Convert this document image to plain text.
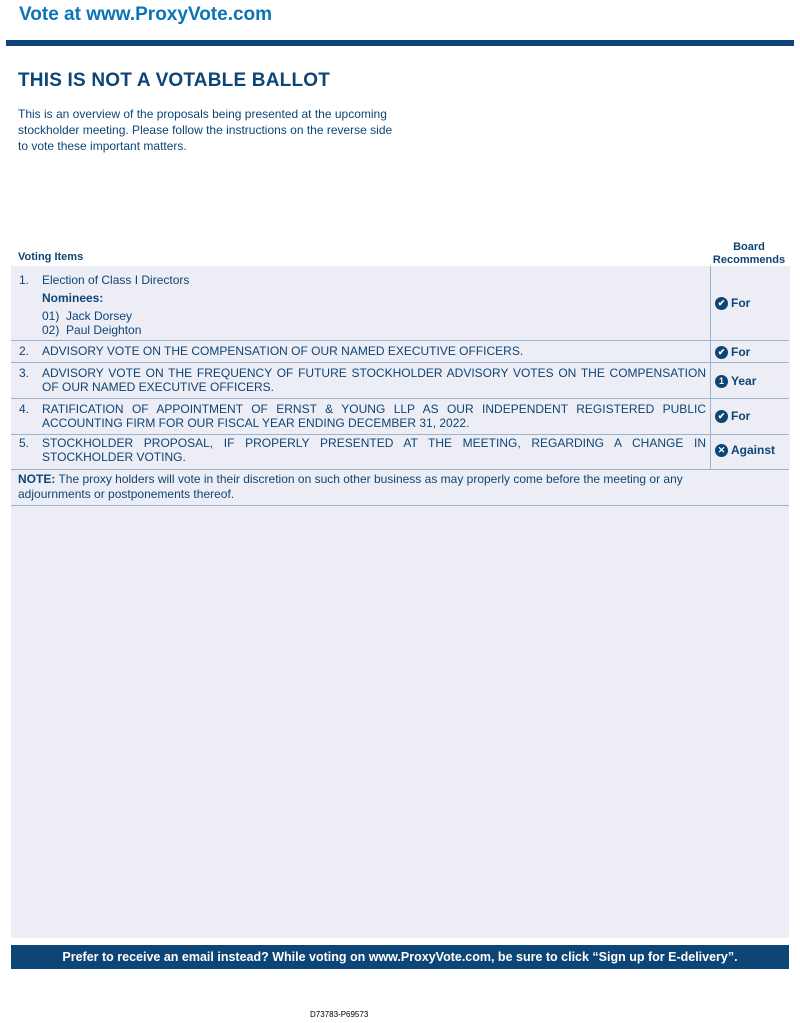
Vote at www.ProxyVote.com
THIS IS NOT A VOTABLE BALLOT
This is an overview of the proposals being presented at the upcoming stockholder meeting. Please follow the instructions on the reverse side to vote these important matters.
Voting Items
Board
Recommends
1. Election of Class I Directors
Nominees:
01)  Jack Dorsey
02)  Paul Deighton
✔ For
2. ADVISORY VOTE ON THE COMPENSATION OF OUR NAMED EXECUTIVE OFFICERS.	✔ For
3. ADVISORY VOTE ON THE FREQUENCY OF FUTURE STOCKHOLDER ADVISORY VOTES ON THE COMPENSATION OF OUR NAMED EXECUTIVE OFFICERS.	1 Year
4. RATIFICATION OF APPOINTMENT OF ERNST & YOUNG LLP AS OUR INDEPENDENT REGISTERED PUBLIC ACCOUNTING FIRM FOR OUR FISCAL YEAR ENDING DECEMBER 31, 2022.
✔ For
5. STOCKHOLDER PROPOSAL, IF PROPERLY PRESENTED AT THE MEETING, REGARDING A CHANGE IN STOCKHOLDER VOTING.
✕ Against
NOTE: The proxy holders will vote in their discretion on such other business as may properly come before the meeting or any adjournments or postponements thereof.
Prefer to receive an email instead? While voting on www.ProxyVote.com, be sure to click “Sign up for E-delivery”.
D73783-P69573
